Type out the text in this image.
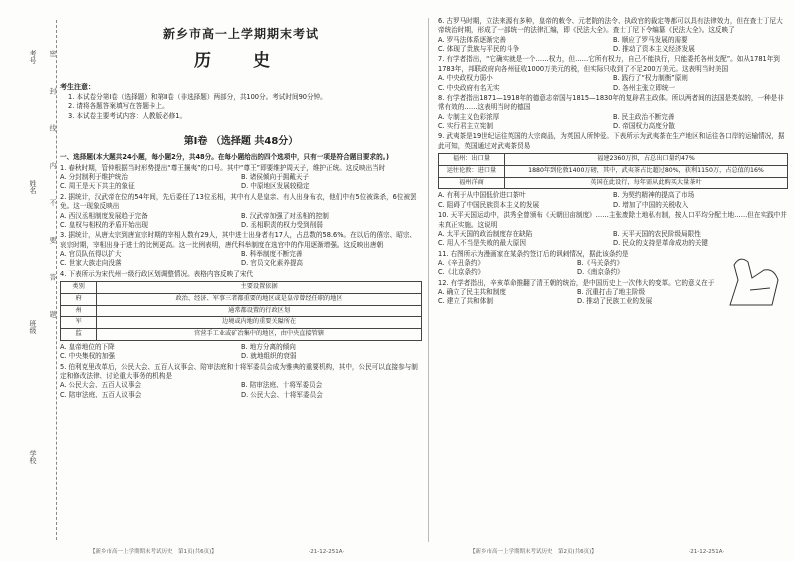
考号
姓名
班级
学校
密 封 线 内 不 要 答 题
新乡市高一上学期期末考试
历 史
考生注意：
1. 本试卷分第Ⅰ卷（选择题）和第Ⅱ卷（非选择题）两部分，共100分。考试时间90分钟。
2. 请将各题答案填写在答题卡上。
3. 本试卷主要考试内容：人教版必修1。
第Ⅰ卷 （选择题 共48分）
一、选择题(本大题共24小题，每小题2分，共48分。在每小题给出的四个选项中，只有一项是符合题目要求的。)
1. 春秋时期，管仲根据当时形势提出“尊王攘夷”的口号。其中“尊王”即要维护周天子，维护正统。这反映出当时
A. 分封制利于维护统治	B. 诸侯倾向于拥戴天子
C. 周王是天下共主的象征	D. 中原地区发展较稳定
2. 据统计，汉武帝在位的54年间，先后委任了13位丞相，其中有人是皇亲、有人出身布衣，他们中有5位被诛杀，6位被罢免。这一现象反映出
A. 西汉丞相制度发展趋于完备	B. 汉武帝加强了对丞相的控制
C. 皇权与相权的矛盾开始出现	D. 丞相职责的权力受到削弱
3. 据统计，从唐太宗到唐宣宗时期的宰相人数有29人，其中进士出身者有17人，占总数的58.6%。在以后的僖宗、昭宗、哀宗时期，宰相出身于进士的比例更高。这一比例表明，唐代科举制度在选官中的作用逐渐增强。这反映出唐朝
A. 官员队伍得以扩大	B. 科举制度不断完善
C. 世家大族走向没落	D. 官员文化素养提高
4. 下表所示为宋代州一级行政区划调整情况。表格内容反映了宋代
类别	主要设置依据
府	政治、经济、军事三者都重要的地区或是皇帝曾经任职的地区
州	通常都设置的行政区划
军	边境或内地的重要关隘所在
监	官营手工业或矿冶集中的地区，由中央直接管辖
A. 皇帝地位的下降	B. 地方分离的倾向
C. 中央集权的加强	D. 就地组织的衰弱
5. 伯利克里改革后，公民大会、五百人议事会、陪审法庭和十将军委员会成为雅典的重要机构，其中，公民可以直接参与制定和修改法律、讨论重大事务的机构是
A. 公民大会、五百人议事会	B. 陪审法庭、十将军委员会
C. 陪审法庭、五百人议事会	D. 公民大会、十将军委员会
6. 古罗马时期，立法来源有多种，皇帝的敕令、元老院的法令、执政官的裁定等都可以具有法律效力，但在查士丁尼大帝统治时期，形成了一部统一的法律汇编，即《民法大全》。查士丁尼下令编纂《民法大全》。这反映了
A. 罗马法体系逐渐完善	B. 顺应了罗马发展的需要
C. 体现了贵族与平民的斗争	D. 推动了资本主义经济发展
7. 有学者指出，“它确实就是一个……权力，但……它所有权力，自己不能执行，只能委托各州支配”。如从1781年到1783年，邦联政府向各州征收1000万美元的税，但实际只收到了不足200万美元。这表明当时美国
A. 中央政权力弱小	B. 践行了“权力制衡”原则
C. 中央政府有名无实	D. 各州主张立即统一
8. 有学者指出1871—1918年的德意志帝国与1815—1830年的复辟君主政体。所以两者间的法国是类似的，一种是非常有效的……这表明当时的德国
A. 专制主义色彩浓厚	B. 民主政治不断完善
C. 实行君主立宪制	D. 帝国权力高度分散
9. 武夷茶是19世纪运往英国的大宗商品，为英国人所钟爱。下表所示为武夷茶在生产地区和运往各口岸的运输情况，据此可知，英国通过对武夷茶贸易
福州：出口量	福建2360万担，占总出口量约47%
运往伦敦：进口量	1880年到伦敦1400万磅，其中，武夷茶占比超过80%，获利1150万，占总值的16%
福州洋商	英国在此设行，每年需从此购买大量茶叶
A. 有利于从中国低价进口茶叶	B. 为契约精神的提高了市场
C. 阻碍了中国民族资本主义的发展	D. 增加了中国的关税收入
10. 天平天国运动中，洪秀全曾颁布《天朝田亩制度》……主张废除土地私有制，按人口平均分配土地……但在实践中并未真正实施。这说明
A. 太平天国的政治制度存在缺陷	B. 天平天国的农民阶级局限性
C. 用人不当是失败的最大原因	D. 民众的支持是革命成功的关键
11. 右图所示为漫画家在某条约签订后的讽刺情况，据此该条约是
A.《辛丑条约》	B.《马关条约》
C.《北京条约》	D.《南京条约》
12. 有学者指出，辛亥革命推翻了清王朝的统治，是中国历史上一次伟大的变革。它的意义在于
A. 确立了民主共和制度	B. 沉重打击了地主阶级
C. 建立了共和体制	D. 推动了民族工业的发展
【新乡市高一上学期期末考试历史　第1页(共6页)】	·21-12-251A·	【新乡市高一上学期期末考试历史　第2页(共6页)】	·21-12-251A·
